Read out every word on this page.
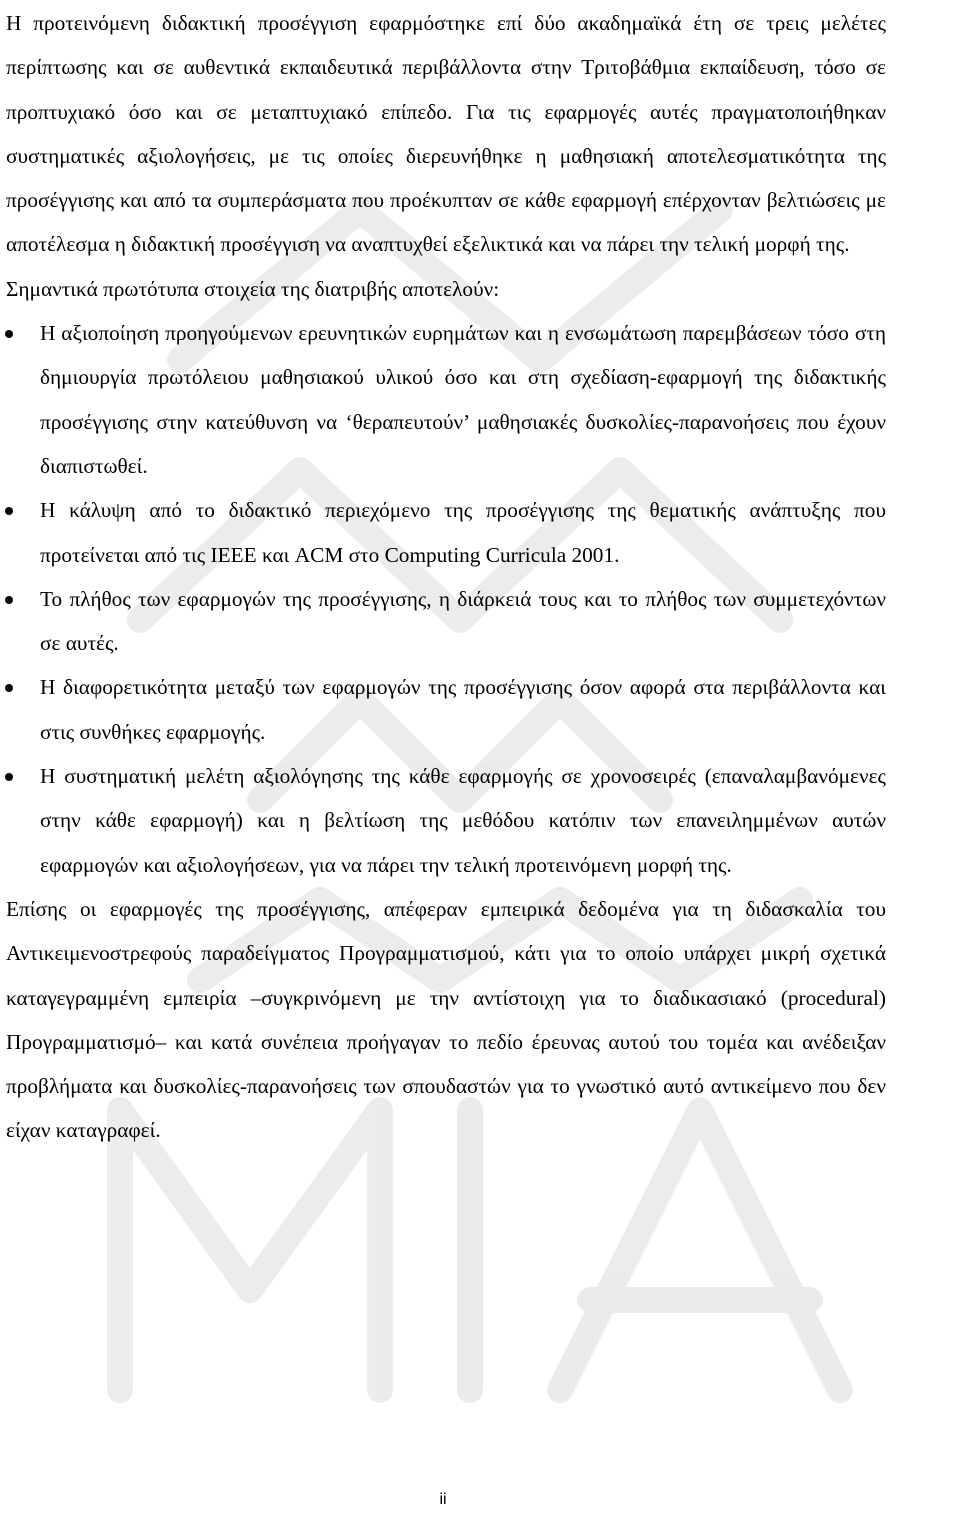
Η προτεινόμενη διδακτική προσέγγιση εφαρμόστηκε επί δύο ακαδημαϊκά έτη σε τρεις μελέτες περίπτωσης και σε αυθεντικά εκπαιδευτικά περιβάλλοντα στην Τριτοβάθμια εκπαίδευση, τόσο σε προπτυχιακό όσο και σε μεταπτυχιακό επίπεδο. Για τις εφαρμογές αυτές πραγματοποιήθηκαν συστηματικές αξιολογήσεις, με τις οποίες διερευνήθηκε η μαθησιακή αποτελεσματικότητα της προσέγγισης και από τα συμπεράσματα που προέκυπταν σε κάθε εφαρμογή επέρχονταν βελτιώσεις με αποτέλεσμα η διδακτική προσέγγιση να αναπτυχθεί εξελικτικά και να πάρει την τελική μορφή της.

Σημαντικά πρωτότυπα στοιχεία της διατριβής αποτελούν:

Η αξιοποίηση προηγούμενων ερευνητικών ευρημάτων και η ενσωμάτωση παρεμβάσεων τόσο στη δημιουργία πρωτόλειου μαθησιακού υλικού όσο και στη σχεδίαση-εφαρμογή της διδακτικής προσέγγισης στην κατεύθυνση να ‘θεραπευτούν’ μαθησιακές δυσκολίες-παρανοήσεις που έχουν διαπιστωθεί.
Η κάλυψη από το διδακτικό περιεχόμενο της προσέγγισης της θεματικής ανάπτυξης που προτείνεται από τις IEEE και ACM στο Computing Curricula 2001.
Το πλήθος των εφαρμογών της προσέγγισης, η διάρκειά τους και το πλήθος των συμμετεχόντων σε αυτές.
Η διαφορετικότητα μεταξύ των εφαρμογών της προσέγγισης όσον αφορά στα περιβάλλοντα και στις συνθήκες εφαρμογής.
Η συστηματική μελέτη αξιολόγησης της κάθε εφαρμογής σε χρονοσειρές (επαναλαμβανόμενες στην κάθε εφαρμογή) και η βελτίωση της μεθόδου κατόπιν των επανειλημμένων αυτών εφαρμογών και αξιολογήσεων, για να πάρει την τελική προτεινόμενη μορφή της.

Επίσης οι εφαρμογές της προσέγγισης, απέφεραν εμπειρικά δεδομένα για τη διδασκαλία του Αντικειμενοστρεφούς παραδείγματος Προγραμματισμού, κάτι για το οποίο υπάρχει μικρή σχετικά καταγεγραμμένη εμπειρία –συγκρινόμενη με την αντίστοιχη για το διαδικασιακό (procedural) Προγραμματισμό– και κατά συνέπεια προήγαγαν το πεδίο έρευνας αυτού του τομέα και ανέδειξαν προβλήματα και δυσκολίες-παρανοήσεις των σπουδαστών για το γνωστικό αυτό αντικείμενο που δεν είχαν καταγραφεί.

ii
